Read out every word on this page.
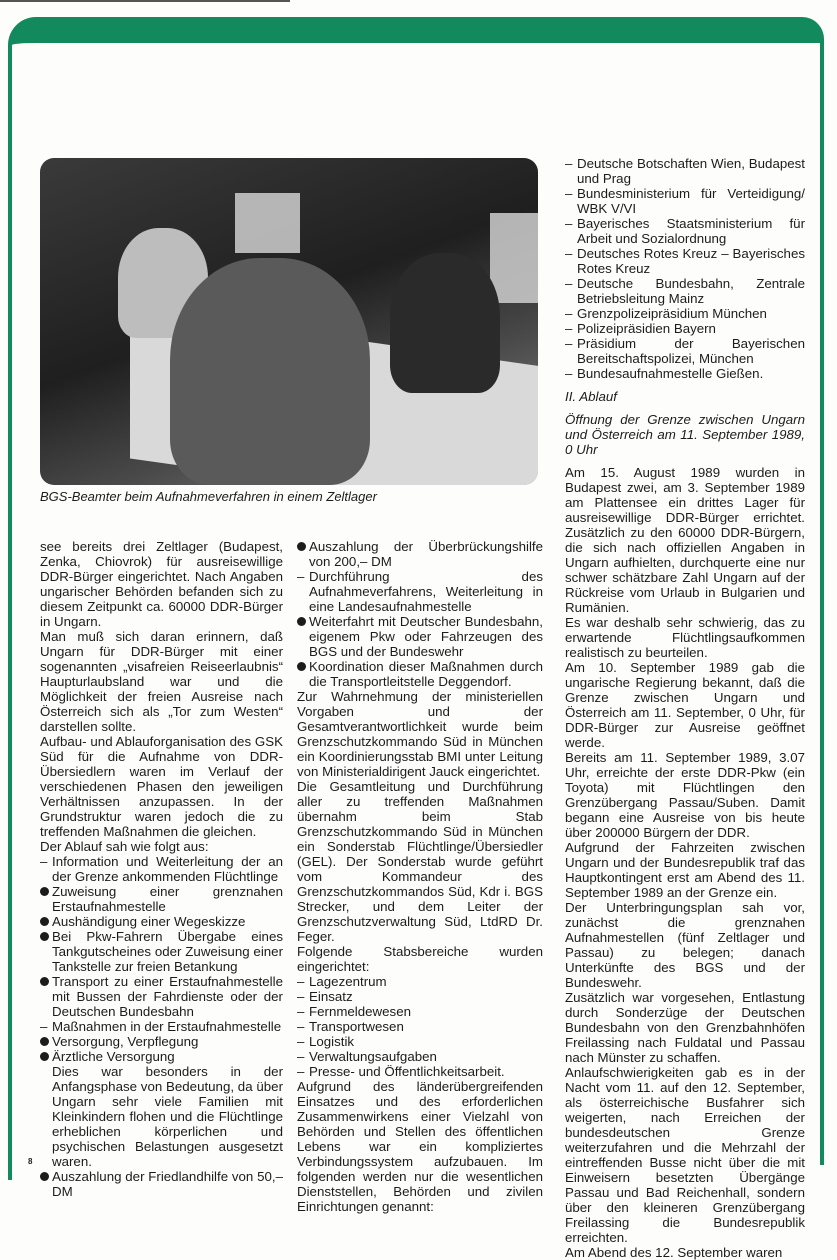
BGS-Beamter beim Aufnahmeverfahren in einem Zeltlager
see bereits drei Zeltlager (Budapest, Zenka, Chiovrok) für ausreisewillige DDR-Bürger eingerichtet. Nach Angaben ungarischer Behörden befanden sich zu diesem Zeitpunkt ca. 60000 DDR-Bürger in Ungarn.
Man muß sich daran erinnern, daß Ungarn für DDR-Bürger mit einer sogenannten „visafreien Reiseerlaubnis“ Haupturlaubsland war und die Möglichkeit der freien Ausreise nach Österreich sich als „Tor zum Westen“ darstellen sollte.
Aufbau- und Ablauforganisation des GSK Süd für die Aufnahme von DDR-Übersiedlern waren im Verlauf der verschiedenen Phasen den jeweiligen Verhältnissen anzupassen. In der Grundstruktur waren jedoch die zu treffenden Maßnahmen die gleichen.
Der Ablauf sah wie folgt aus:
– Information und Weiterleitung der an der Grenze ankommenden Flüchtlinge
Zuweisung einer grenznahen Erstaufnahmestelle
Aushändigung einer Wegeskizze
Bei Pkw-Fahrern Übergabe eines Tankgutscheines oder Zuweisung einer Tankstelle zur freien Betankung
Transport zu einer Erstaufnahmestelle mit Bussen der Fahrdienste oder der Deutschen Bundesbahn
– Maßnahmen in der Erstaufnahmestelle
Versorgung, Verpflegung
Ärztliche Versorgung
Dies war besonders in der Anfangsphase von Bedeutung, da über Ungarn sehr viele Familien mit Kleinkindern flohen und die Flüchtlinge erheblichen körperlichen und psychischen Belastungen ausgesetzt waren.
Auszahlung der Friedlandhilfe von 50,– DM
Auszahlung der Überbrückungshilfe von 200,– DM
– Durchführung des Aufnahmeverfahrens, Weiterleitung in eine Landesaufnahmestelle
Weiterfahrt mit Deutscher Bundesbahn, eigenem Pkw oder Fahrzeugen des BGS und der Bundeswehr
Koordination dieser Maßnahmen durch die Transportleitstelle Deggendorf.
Zur Wahrnehmung der ministeriellen Vorgaben und der Gesamtverantwortlichkeit wurde beim Grenzschutzkommando Süd in München ein Koordinierungsstab BMI unter Leitung von Ministerialdirigent Jauck eingerichtet.
Die Gesamtleitung und Durchführung aller zu treffenden Maßnahmen übernahm beim Stab Grenzschutzkommando Süd in München ein Sonderstab Flüchtlinge/Übersiedler (GEL). Der Sonderstab wurde geführt vom Kommandeur des Grenzschutzkommandos Süd, Kdr i. BGS Strecker, und dem Leiter der Grenzschutzverwaltung Süd, LtdRD Dr. Feger.
Folgende Stabsbereiche wurden eingerichtet:
– Lagezentrum
– Einsatz
– Fernmeldewesen
– Transportwesen
– Logistik
– Verwaltungsaufgaben
– Presse- und Öffentlichkeitsarbeit.
Aufgrund des länderübergreifenden Einsatzes und des erforderlichen Zusammenwirkens einer Vielzahl von Behörden und Stellen des öffentlichen Lebens war ein kompliziertes Verbindungssystem aufzubauen. Im folgenden werden nur die wesentlichen Dienststellen, Behörden und zivilen Einrichtungen genannt:
– Deutsche Botschaften Wien, Budapest und Prag
– Bundesministerium für Verteidigung/ WBK V/VI
– Bayerisches Staatsministerium für Arbeit und Sozialordnung
– Deutsches Rotes Kreuz – Bayerisches Rotes Kreuz
– Deutsche Bundesbahn, Zentrale Betriebsleitung Mainz
– Grenzpolizeipräsidium München
– Polizeipräsidien Bayern
– Präsidium der Bayerischen Bereitschaftspolizei, München
– Bundesaufnahmestelle Gießen.
II. Ablauf
Öffnung der Grenze zwischen Ungarn und Österreich am 11. September 1989, 0 Uhr
Am 15. August 1989 wurden in Budapest zwei, am 3. September 1989 am Plattensee ein drittes Lager für ausreisewillige DDR-Bürger errichtet. Zusätzlich zu den 60000 DDR-Bürgern, die sich nach offiziellen Angaben in Ungarn aufhielten, durchquerte eine nur schwer schätzbare Zahl Ungarn auf der Rückreise vom Urlaub in Bulgarien und Rumänien.
Es war deshalb sehr schwierig, das zu erwartende Flüchtlingsaufkommen realistisch zu beurteilen.
Am 10. September 1989 gab die ungarische Regierung bekannt, daß die Grenze zwischen Ungarn und Österreich am 11. September, 0 Uhr, für DDR-Bürger zur Ausreise geöffnet werde.
Bereits am 11. September 1989, 3.07 Uhr, erreichte der erste DDR-Pkw (ein Toyota) mit Flüchtlingen den Grenzübergang Passau/Suben. Damit begann eine Ausreise von bis heute über 200000 Bürgern der DDR.
Aufgrund der Fahrzeiten zwischen Ungarn und der Bundesrepublik traf das Hauptkontingent erst am Abend des 11. September 1989 an der Grenze ein.
Der Unterbringungsplan sah vor, zunächst die grenznahen Aufnahmestellen (fünf Zeltlager und Passau) zu belegen; danach Unterkünfte des BGS und der Bundeswehr.
Zusätzlich war vorgesehen, Entlastung durch Sonderzüge der Deutschen Bundesbahn von den Grenzbahnhöfen Freilassing nach Fuldatal und Passau nach Münster zu schaffen.
Anlaufschwierigkeiten gab es in der Nacht vom 11. auf den 12. September, als österreichische Busfahrer sich weigerten, nach Erreichen der bundesdeutschen Grenze weiterzufahren und die Mehrzahl der eintreffenden Busse nicht über die mit Einweisern besetzten Übergänge Passau und Bad Reichenhall, sondern über den kleineren Grenzübergang Freilassing die Bundesrepublik erreichten.
Am Abend des 12. September waren
8
